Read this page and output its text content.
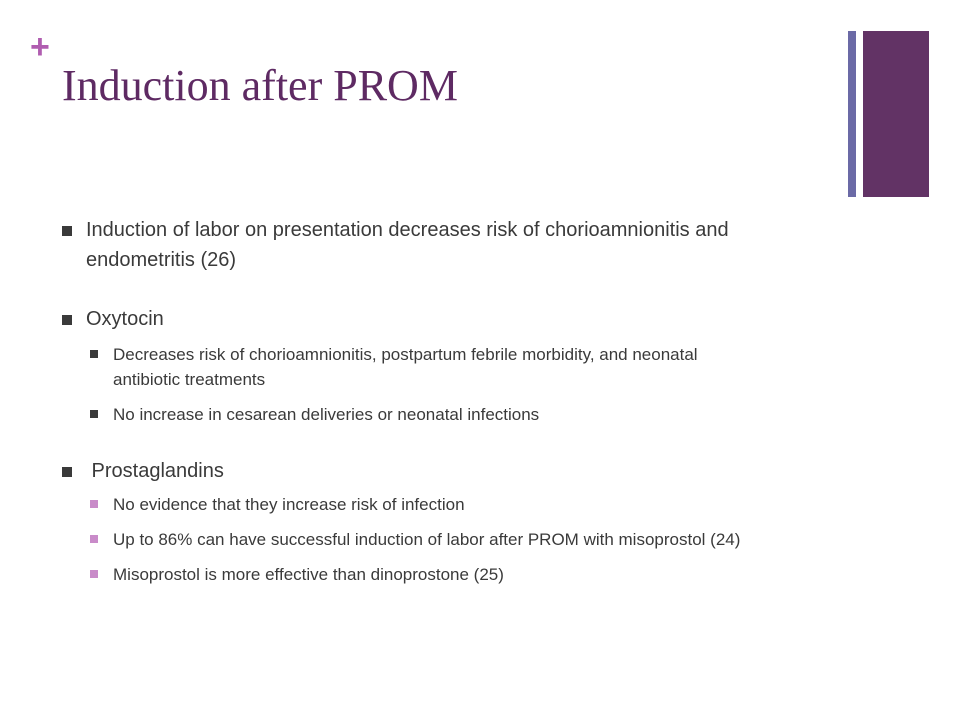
+
Induction after PROM
Induction of labor on presentation decreases risk of chorioamnionitis and endometritis (26)
Oxytocin
Decreases risk of chorioamnionitis, postpartum febrile morbidity, and neonatal antibiotic treatments
No increase in cesarean deliveries or neonatal infections
Prostaglandins
No evidence that they increase risk of infection
Up to 86% can have successful induction of labor after PROM with misoprostol (24)
Misoprostol is more effective than dinoprostone (25)
